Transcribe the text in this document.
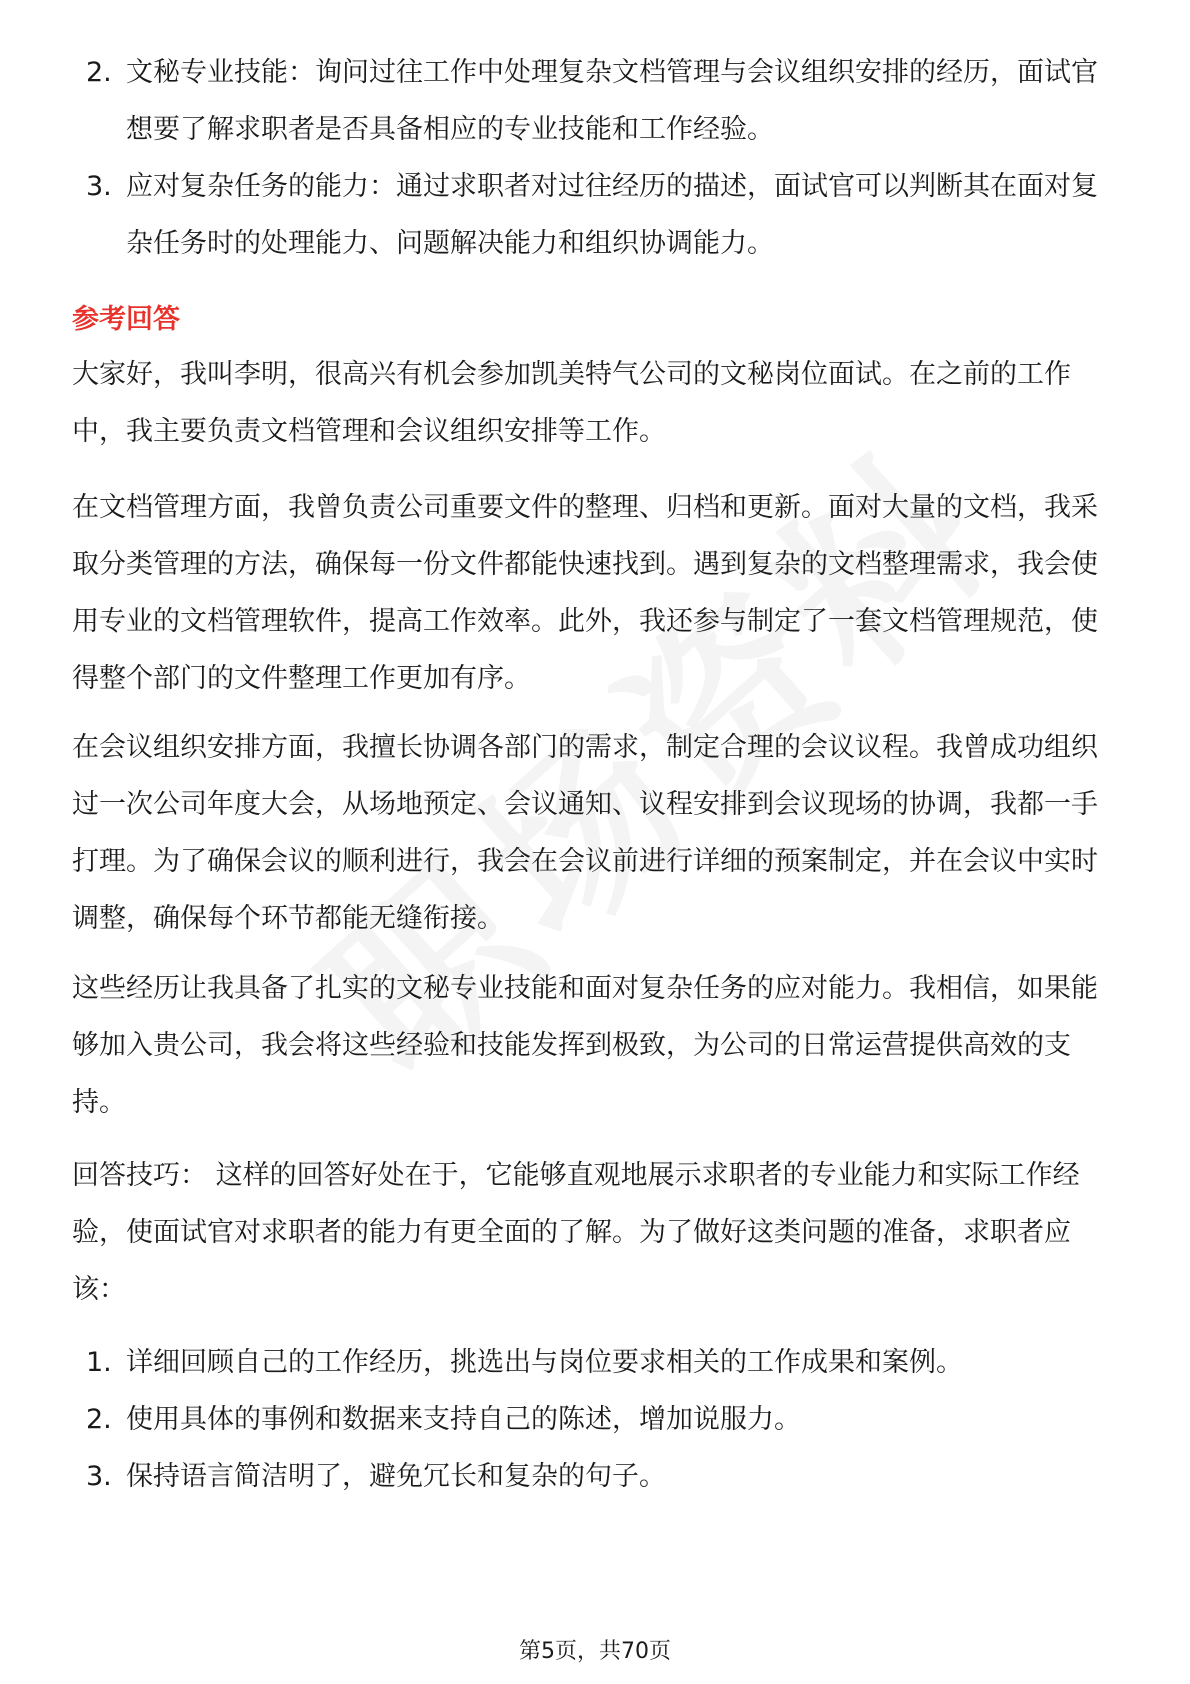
2. 文秘专业技能：询问过往工作中处理复杂文档管理与会议组织安排的经历，面试官想要了解求职者是否具备相应的专业技能和工作经验。
3. 应对复杂任务的能力：通过求职者对过往经历的描述，面试官可以判断其在面对复杂任务时的处理能力、问题解决能力和组织协调能力。
参考回答
大家好，我叫李明，很高兴有机会参加凯美特气公司的文秘岗位面试。在之前的工作中，我主要负责文档管理和会议组织安排等工作。
在文档管理方面，我曾负责公司重要文件的整理、归档和更新。面对大量的文档，我采取分类管理的方法，确保每一份文件都能快速找到。遇到复杂的文档整理需求，我会使用专业的文档管理软件，提高工作效率。此外，我还参与制定了一套文档管理规范，使得整个部门的文件整理工作更加有序。
在会议组织安排方面，我擅长协调各部门的需求，制定合理的会议议程。我曾成功组织过一次公司年度大会，从场地预定、会议通知、议程安排到会议现场的协调，我都一手打理。为了确保会议的顺利进行，我会在会议前进行详细的预案制定，并在会议中实时调整，确保每个环节都能无缝衔接。
这些经历让我具备了扎实的文秘专业技能和面对复杂任务的应对能力。我相信，如果能够加入贵公司，我会将这些经验和技能发挥到极致，为公司的日常运营提供高效的支持。
回答技巧： 这样的回答好处在于，它能够直观地展示求职者的专业能力和实际工作经验，使面试官对求职者的能力有更全面的了解。为了做好这类问题的准备，求职者应该：
1. 详细回顾自己的工作经历，挑选出与岗位要求相关的工作成果和案例。
2. 使用具体的事例和数据来支持自己的陈述，增加说服力。
3. 保持语言简洁明了，避免冗长和复杂的句子。
第5页，共70页
